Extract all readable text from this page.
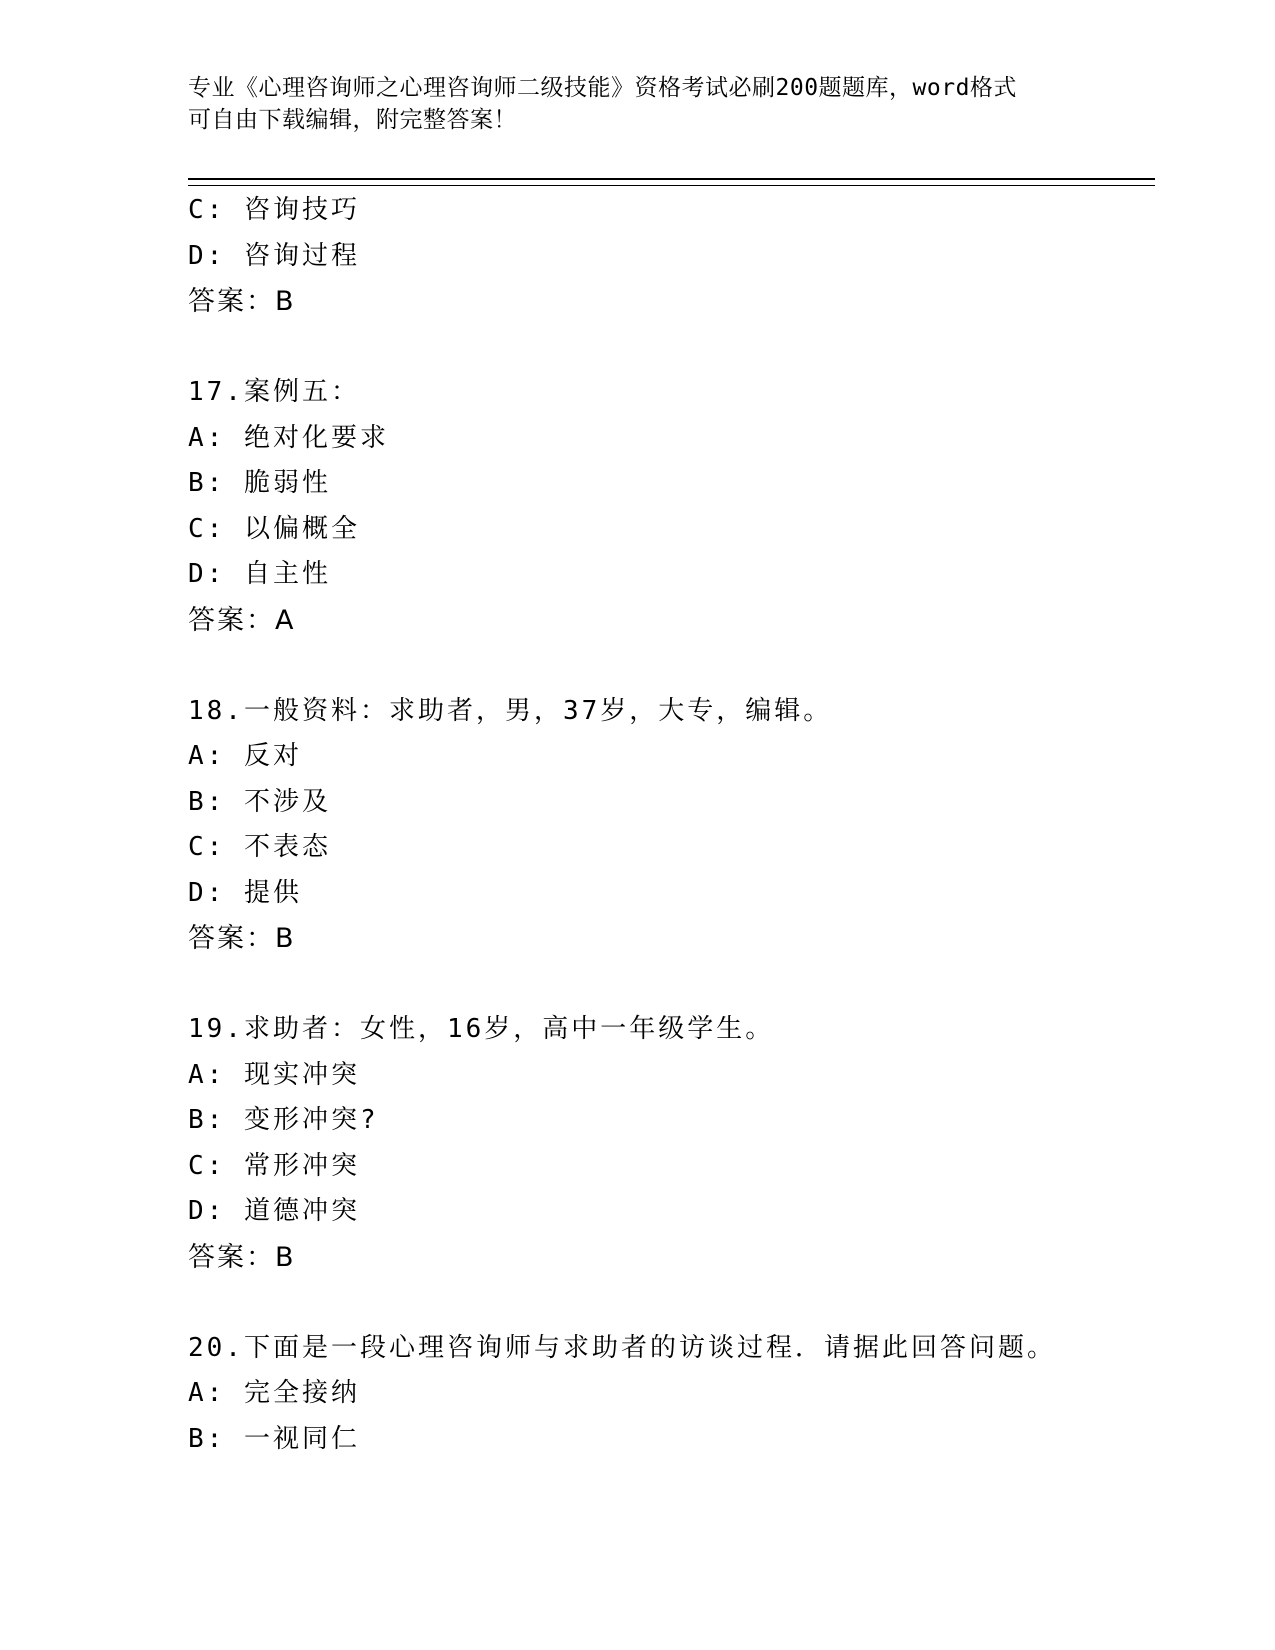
专业《心理咨询师之心理咨询师二级技能》资格考试必刷200题题库，word格式
可自由下载编辑，附完整答案！
C: 咨询技巧
D: 咨询过程
答案：B
17.案例五：
A: 绝对化要求
B: 脆弱性
C: 以偏概全
D: 自主性
答案：A
18.一般资料：求助者，男，37岁，大专，编辑。
A: 反对
B: 不涉及
C: 不表态
D: 提供
答案：B
19.求助者：女性，16岁，高中一年级学生。
A: 现实冲突
B: 变形冲突?
C: 常形冲突
D: 道德冲突
答案：B
20.下面是一段心理咨询师与求助者的访谈过程．请据此回答问题。
A: 完全接纳
B: 一视同仁
